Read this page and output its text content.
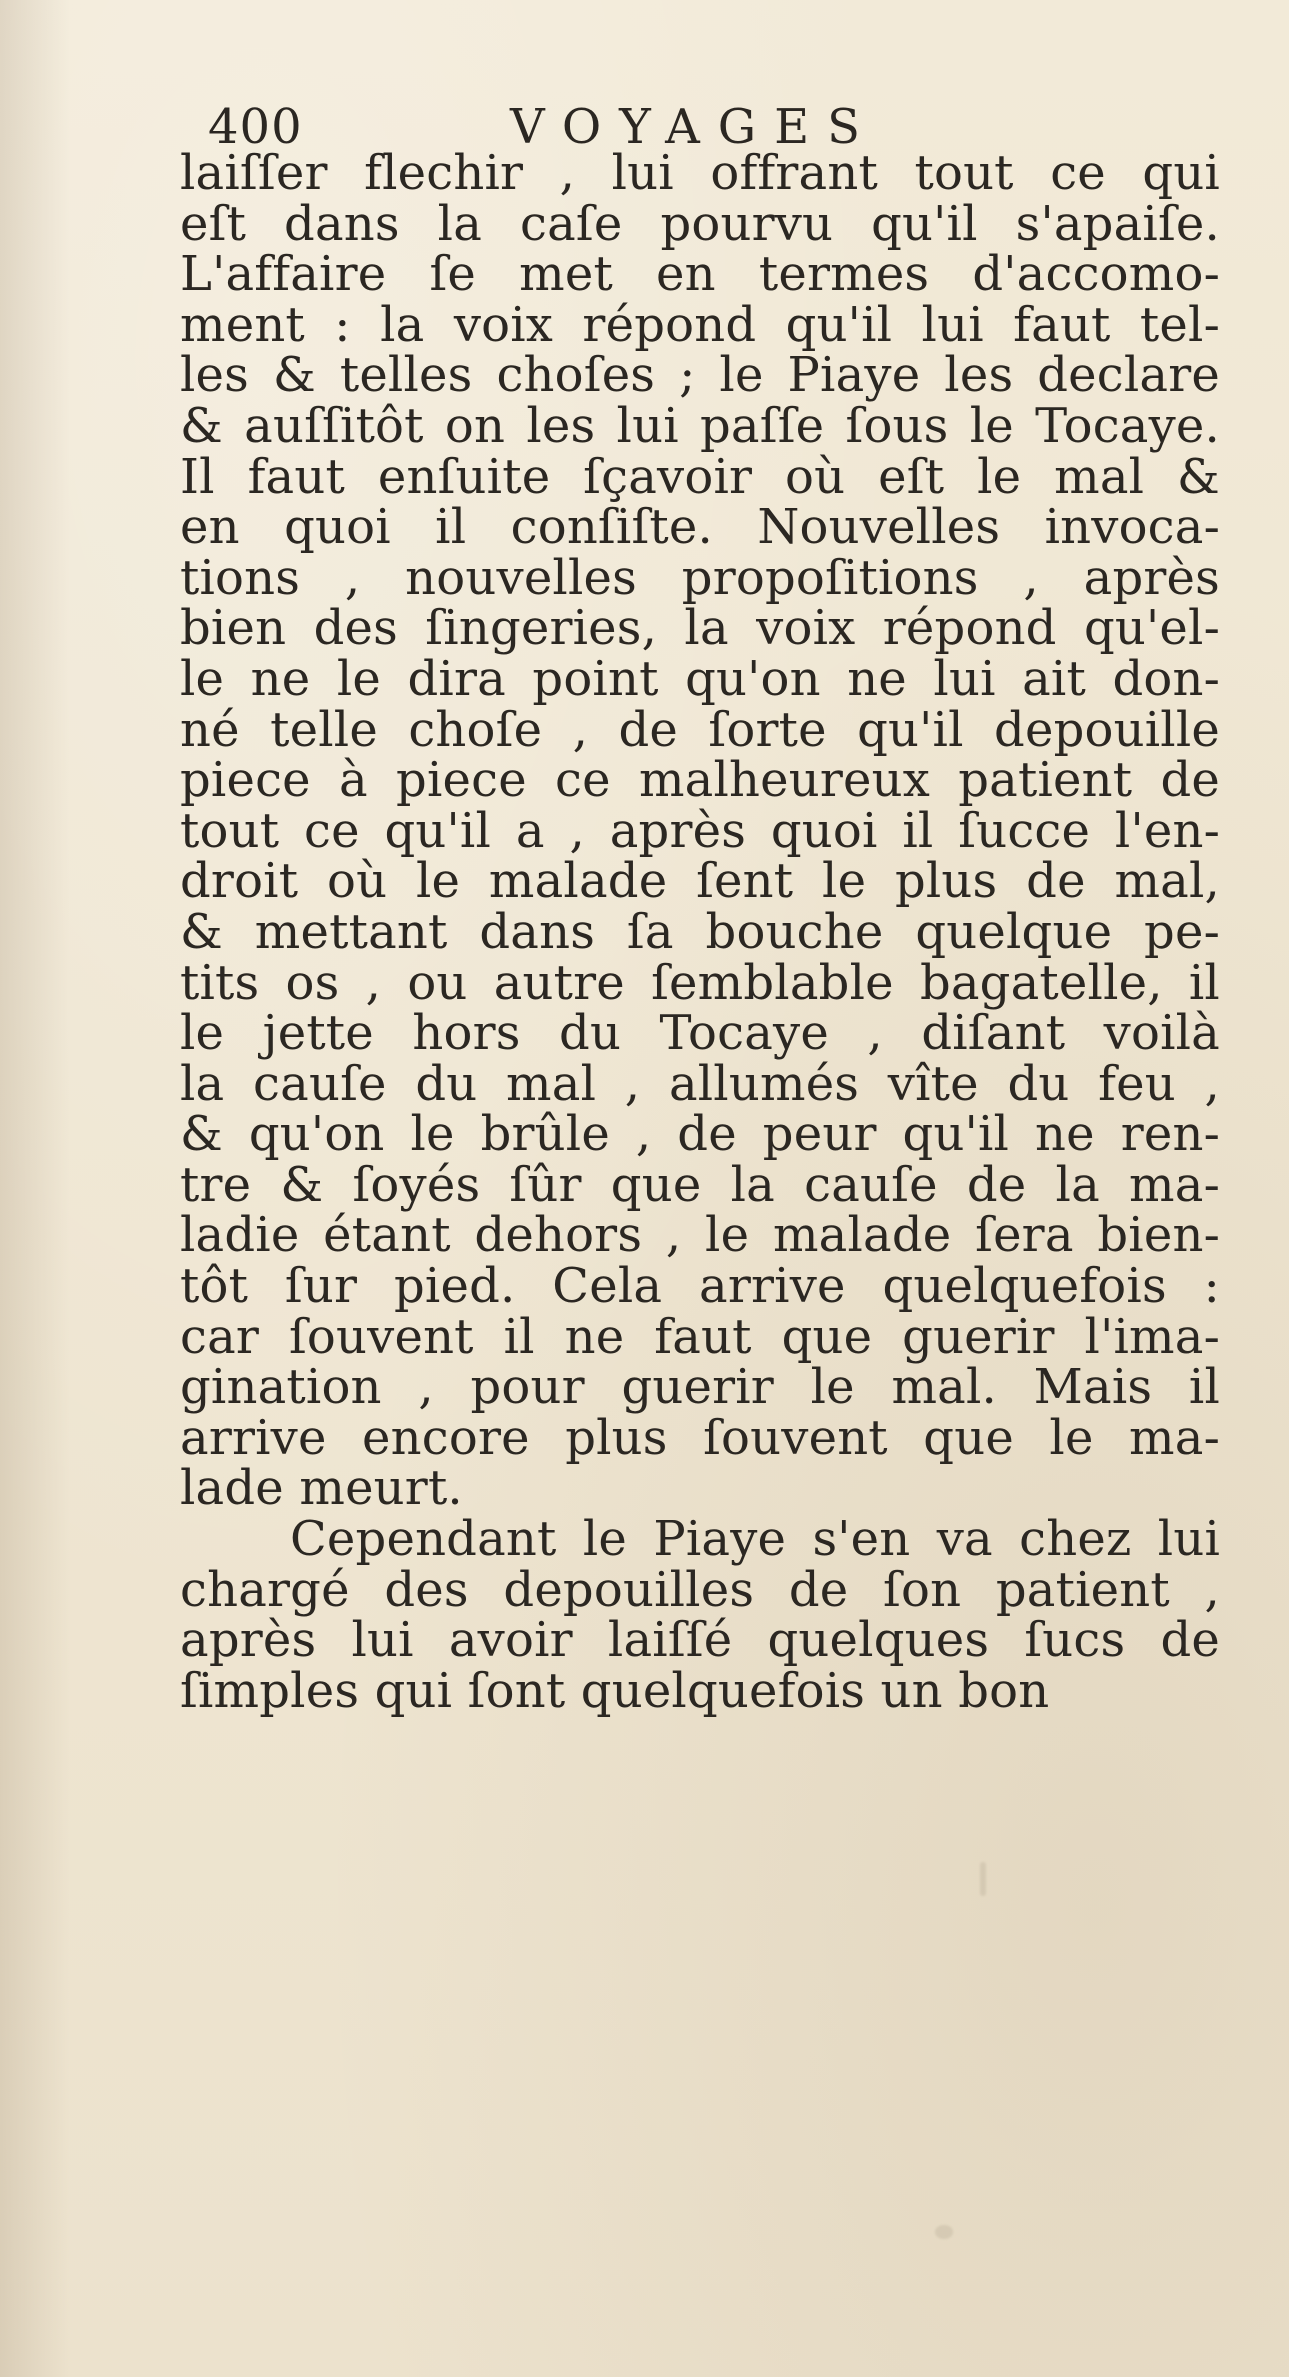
400	VOYAGES
laiſſer flechir , lui offrant tout ce qui
eſt dans la caſe pourvu qu'il s'apaiſe.
L'affaire ſe met en termes d'accomo-
ment : la voix répond qu'il lui faut tel-
les & telles choſes ; le Piaye les declare
& auſſitôt on les lui paſſe ſous le Tocaye.
Il faut enſuite ſçavoir où eſt le mal &
en quoi il conſiſte. Nouvelles invoca-
tions , nouvelles propoſitions , après
bien des ſingeries, la voix répond qu'el-
le ne le dira point qu'on ne lui ait don-
né telle choſe , de ſorte qu'il depouille
piece à piece ce malheureux patient de
tout ce qu'il a , après quoi il ſucce l'en-
droit où le malade ſent le plus de mal,
& mettant dans ſa bouche quelque pe-
tits os , ou autre ſemblable bagatelle, il
le jette hors du Tocaye , diſant voilà
la cauſe du mal , allumés vîte du feu ,
& qu'on le brûle , de peur qu'il ne ren-
tre & ſoyés ſûr que la cauſe de la ma-
ladie étant dehors , le malade ſera bien-
tôt ſur pied. Cela arrive quelquefois :
car ſouvent il ne faut que guerir l'ima-
gination , pour guerir le mal. Mais il
arrive encore plus ſouvent que le ma-
lade meurt.
Cependant le Piaye s'en va chez lui
chargé des depouilles de ſon patient ,
après lui avoir laiſſé quelques ſucs de
ſimples qui ſont quelquefois un bon
